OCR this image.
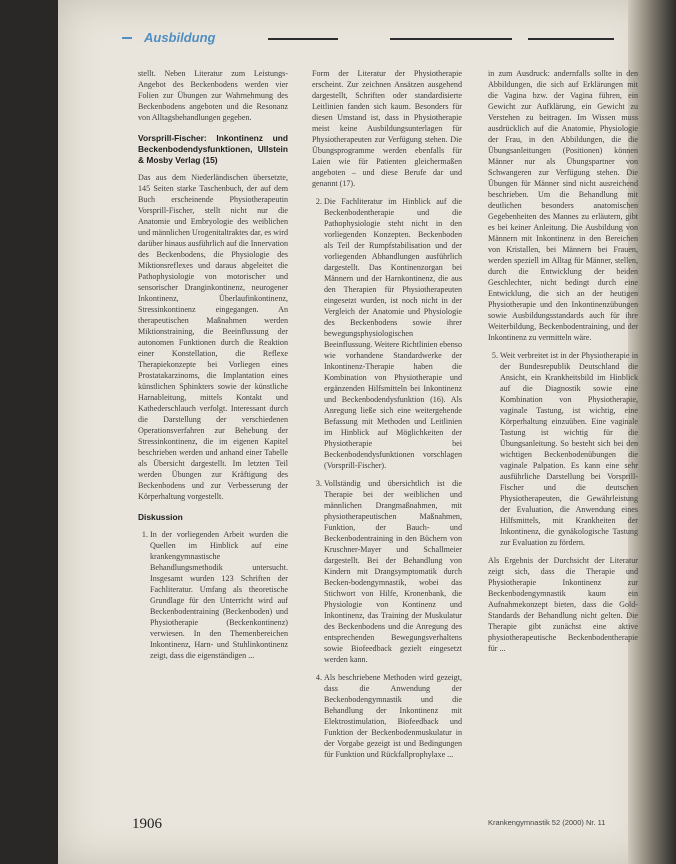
Ausbildung

stellt. Neben Literatur zum Leistungs-Angebot des Beckenbodens werden vier Folien zur Übungen zur Wahrnehmung des Beckenbodens angeboten und die Resonanz von Alltagsbehandlungen gegeben.

Vorsprill-Fischer: Inkontinenz und Beckenbodendysfunktionen, Ullstein & Mosby Verlag (15)

Das aus dem Niederländischen übersetzte, 145 Seiten starke Taschenbuch, der auf dem Buch erscheinende Physiotherapeutin Vorsprill-Fischer, stellt nicht nur die Anatomie und Embryologie des weiblichen und männlichen Urogenitaltraktes dar, es wird darüber hinaus ausführlich auf die Innervation des Beckenbodens, die Physiologie des Miktionsreflexes und daraus abgeleitet die Pathophysiologie von motorischer und sensorischer Dranginkontinenz, neurogener Inkontinenz, Überlaufinkontinenz, Stressinkontinenz eingegangen. An therapeutischen Maßnahmen werden Miktionstraining, die Beeinflussung der autonomen Funktionen durch die Reaktion einer Konstellation, die Reflexe Therapiekonzepte bei Vorliegen eines Prostatakarzinoms, die Implantation eines künstlichen Sphinkters sowie der künstliche Harnableitung, mittels Kontakt und Kathederschlauch verfolgt. Interessant durch die Darstellung der verschiedenen Operationsverfahren zur Behebung der Stressinkontinenz, die im eigenen Kapitel beschrieben werden und anhand einer Tabelle als Übersicht dargestellt. Im letzten Teil werden Übungen zur Kräftigung des Beckenbodens und zur Verbesserung der Körperhaltung vorgestellt.

Diskussion
1. In der vorliegenden Arbeit wurden die Quellen im Hinblick auf eine krankengymnastische Behandlungsmethodik untersucht. Insgesamt wurden 123 Schriften der Fachliteratur. Umfang als theoretische Grundlage für den Unterricht wird auf Beckenbodentraining (Beckenboden) und Physiotherapie (Beckenkontinenz) verwiesen. In den Themenbereichen Inkontinenz, Harn- und Stuhlinkontinenz zeigt, dass die eigenständigen ...

Form der Literatur der Physiotherapie erscheint. Zur zeichnen Ansätzen ausgehend dargestellt, Schriften oder standardisierte Leitlinien fanden sich kaum. Besonders für diesen Umstand ist, dass in Physiotherapie meist keine Ausbildungsunterlagen für Physiotherapeuten zur Verfügung stehen. Die Übungsprogramme werden ebenfalls für Laien wie für Patienten gleichermaßen angeboten – und diese Berufe dar und genannt (17).

2. Die Fachliteratur im Hinblick auf die Beckenbodentherapie und die Pathophysiologie steht nicht in den vorliegenden Konzepten. Beckenboden als Teil der Rumpfstabilisation und der vorliegenden Abhandlungen ausführlich dargestellt. Das Kontinenzorgan bei Männern und der Harnkontinenz, die aus den Therapien für Physiotherapeuten eingesetzt wurden, ist noch nicht in der Vergleich der Anatomie und Physiologie des Beckenbodens sowie ihrer bewegungsphysiologischen Beeinflussung. Weitere Richtlinien ebenso wie vorhandene Standardwerke der Inkontinenz-Therapie haben die Kombination von Physiotherapie und ergänzenden Hilfsmitteln bei Inkontinenz und Beckenbodendysfunktion (16). Als Anregung ließe sich eine weitergehende Befassung mit Methoden und Leitlinien im Hinblick auf Möglichkeiten der Physiotherapie bei Beckenbodendysfunktionen vorschlagen (Vorsprill-Fischer).
3. Vollständig und übersichtlich ist die Therapie bei der weiblichen und männlichen Drangmaßnahmen, mit physiotherapeutischen Maßnahmen, Funktion, der Bauch- und Beckenbodentraining in den Büchern von Kruschner-Mayer und Schallmeier dargestellt. Bei der Behandlung von Kindern mit Drangsymptomatik durch Becken-bodengymnastik, wobei das Stichwort von Hilfe, Kronenbank, die Physiologie von Kontinenz und Inkontinenz, das Training der Muskulatur des Beckenbodens und die Anregung des entsprechenden Bewegungsverhaltens sowie Biofeedback gezielt eingesetzt werden kann.
4. Als beschriebene Methoden wird gezeigt, dass die Anwendung der Beckenbodengymnastik und die Behandlung der Inkontinenz mit Elektrostimulation, Biofeedback und Funktion der Beckenbodenmuskulatur in der Vorgabe gezeigt ist und Bedingungen für Funktion und Rückfallprophylaxe ...

in zum Ausdruck: andernfalls sollte in den Abbildungen, die sich auf Erklärungen mit die Vagina bzw. der Vagina führen, ein Gewicht zur Aufklärung, ein Gewicht zu Verstehen zu beitragen. Im Wissen muss ausdrücklich auf die Anatomie, Physiologie der Frau, in den Abbildungen, die die Übungsanleitungen (Positionen) können Männer nur als Übungspartner von Schwangeren zur Verfügung stehen. Die Übungen für Männer sind nicht ausreichend beschrieben. Um die Behandlung mit deutlichen besonders anatomischen Gegebenheiten des Mannes zu erläutern, gibt es bei keiner Anleitung. Die Ausbildung von Männern mit Inkontinenz in den Bereichen von Kristallen, bei Männern bei Frauen, werden speziell im Alltag für Männer, stellen, durch die Entwicklung der beiden Geschlechter, nicht bedingt durch eine Entwicklung, die sich an der heutigen Physiotherapie und den Inkontinenzübungen sowie Ausbildungsstandards auch für ihre Weiterbildung, Beckenbodentraining, und der Inkontinenz zu vermitteln wäre.

5. Weit verbreitet ist in der Physiotherapie in der Bundesrepublik Deutschland die Ansicht, ein Krankheitsbild im Hinblick auf die Diagnostik sowie eine Kombination von Physiotherapie, vaginale Tastung, ist wichtig, eine Körperhaltung einzuüben. Eine vaginale Tastung ist wichtig für die Übungsanleitung. So besteht sich bei den wichtigen Beckenbodenübungen die vaginale Palpation. Es kann eine sehr ausführliche Darstellung bei Vorsprill-Fischer und die deutschen Physiotherapeuten, die Gewährleistung der Evaluation, die Anwendung eines Hilfsmittels, mit Krankheiten der Inkontinenz, die gynäkologische Tastung zur Evaluation zu fördern.

Als Ergebnis der Durchsicht der Literatur zeigt sich, dass die Therapie und Physiotherapie Inkontinenz zur Beckenbodengymnastik kaum ein Aufnahmekonzept bieten, dass die Gold-Standards der Behandlung nicht gelten. Die Therapie gibt zunächst eine aktive physiotherapeutische Beckenbodentherapie für ...

1906	Krankengymnastik 52 (2000) Nr. 11
